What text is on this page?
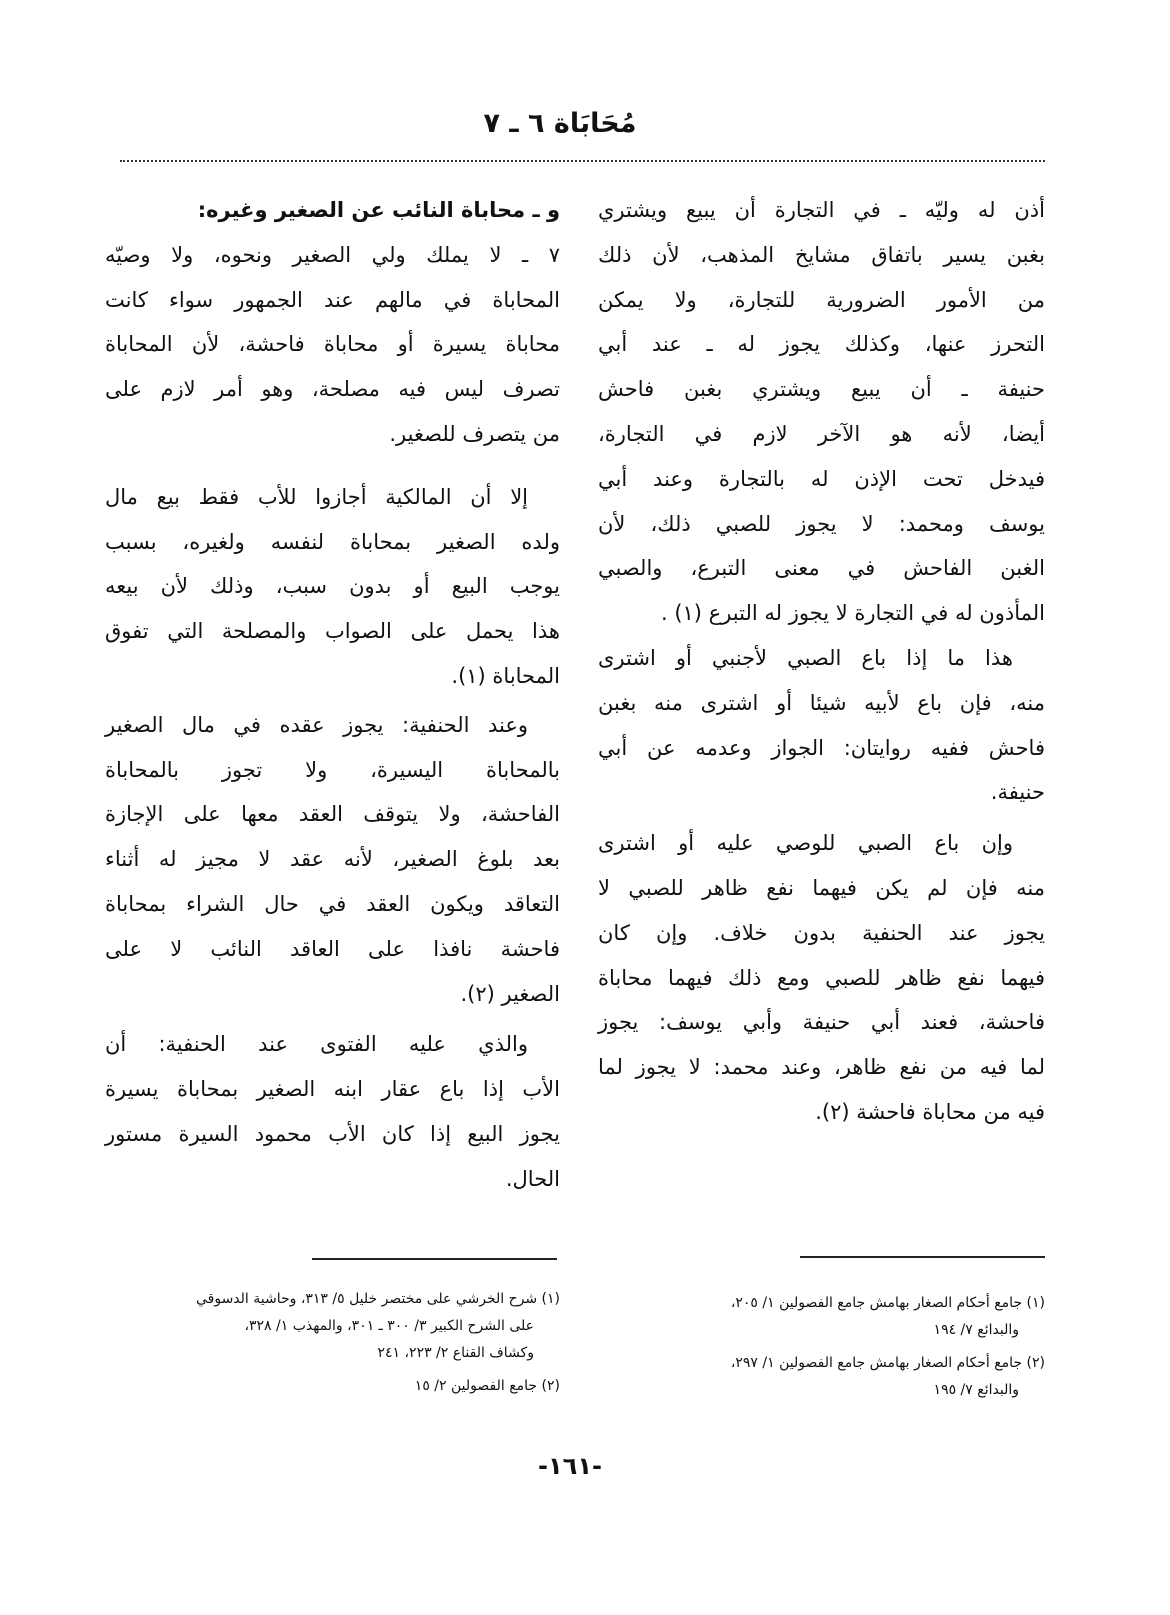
مُحَابَاة ٦ ـ ٧
أذن له وليّه ـ في التجارة أن يبيع ويشتري
بغبن يسير باتفاق مشايخ المذهب، لأن ذلك
من الأمور الضرورية للتجارة، ولا يمكن
التحرز عنها، وكذلك يجوز له ـ عند أبي
حنيفة ـ أن يبيع ويشتري بغبن فاحش
أيضا، لأنه هو الآخر لازم في التجارة،
فيدخل تحت الإذن له بالتجارة وعند أبي
يوسف ومحمد: لا يجوز للصبي ذلك، لأن
الغبن الفاحش في معنى التبرع، والصبي
المأذون له في التجارة لا يجوز له التبرع (١) .
هذا ما إذا باع الصبي لأجنبي أو اشترى
منه، فإن باع لأبيه شيئا أو اشترى منه بغبن
فاحش ففيه روايتان: الجواز وعدمه عن أبي
حنيفة.
وإن باع الصبي للوصي عليه أو اشترى
منه فإن لم يكن فيهما نفع ظاهر للصبي لا
يجوز عند الحنفية بدون خلاف. وإن كان
فيهما نفع ظاهر للصبي ومع ذلك فيهما محاباة
فاحشة، فعند أبي حنيفة وأبي يوسف: يجوز
لما فيه من نفع ظاهر، وعند محمد: لا يجوز لما
فيه من محاباة فاحشة (٢).
و ـ محاباة النائب عن الصغير وغيره:
٧ ـ لا يملك ولي الصغير ونحوه، ولا وصيّه
المحاباة في مالهم عند الجمهور سواء كانت
محاباة يسيرة أو محاباة فاحشة، لأن المحاباة
تصرف ليس فيه مصلحة، وهو أمر لازم على
من يتصرف للصغير.
إلا أن المالكية أجازوا للأب فقط بيع مال
ولده الصغير بمحاباة لنفسه ولغيره، بسبب
يوجب البيع أو بدون سبب، وذلك لأن بيعه
هذا يحمل على الصواب والمصلحة التي تفوق
المحاباة (١).
وعند الحنفية: يجوز عقده في مال الصغير
بالمحاباة اليسيرة، ولا تجوز بالمحاباة
الفاحشة، ولا يتوقف العقد معها على الإجازة
بعد بلوغ الصغير، لأنه عقد لا مجيز له أثناء
التعاقد ويكون العقد في حال الشراء بمحاباة
فاحشة نافذا على العاقد النائب لا على
الصغير (٢).
والذي عليه الفتوى عند الحنفية: أن
الأب إذا باع عقار ابنه الصغير بمحاباة يسيرة
يجوز البيع إذا كان الأب محمود السيرة مستور
الحال.
(١) جامع أحكام الصغار بهامش جامع الفصولين ١/ ٢٠٥،
والبدائع ٧/ ١٩٤
(٢) جامع أحكام الصغار بهامش جامع الفصولين ١/ ٢٩٧،
والبدائع ٧/ ١٩٥
(١) شرح الخرشي على مختصر خليل ٥/ ٣١٣، وحاشية الدسوقي
على الشرح الكبير ٣/ ٣٠٠ ـ ٣٠١، والمهذب ١/ ٣٢٨،
وكشاف القناع ٢/ ٢٢٣، ٢٤١
(٢) جامع الفصولين ٢/ ١٥
-١٦١-
